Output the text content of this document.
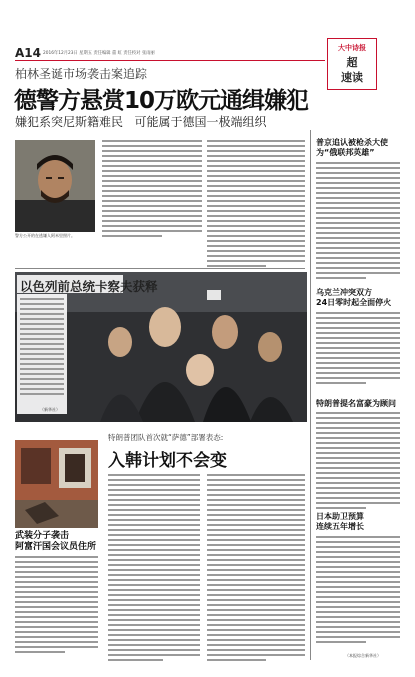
A14 2016年12月23日 星期五 责任编辑 董 虹 责任校对 张雨丽
大中诗报
超
速读
柏林圣诞市场袭击案追踪
德警方悬赏10万欧元通缉嫌犯
嫌犯系突尼斯籍难民   可能属于德国一极端组织
警方公开的在逃嫌人阿米里照片。
以色列前总统卡察夫获释
（新华社）
特朗普团队首次就“萨德”部署表态:
入韩计划不会变
武装分子袭击
阿富汗国会议员住所
普京追认被枪杀大使
为“俄联邦英雄”
乌克兰冲突双方
24日零时起全面停火
特朗普提名富豪为顾问
日本助卫预算
连续五年增长
（本报综合新华社）
